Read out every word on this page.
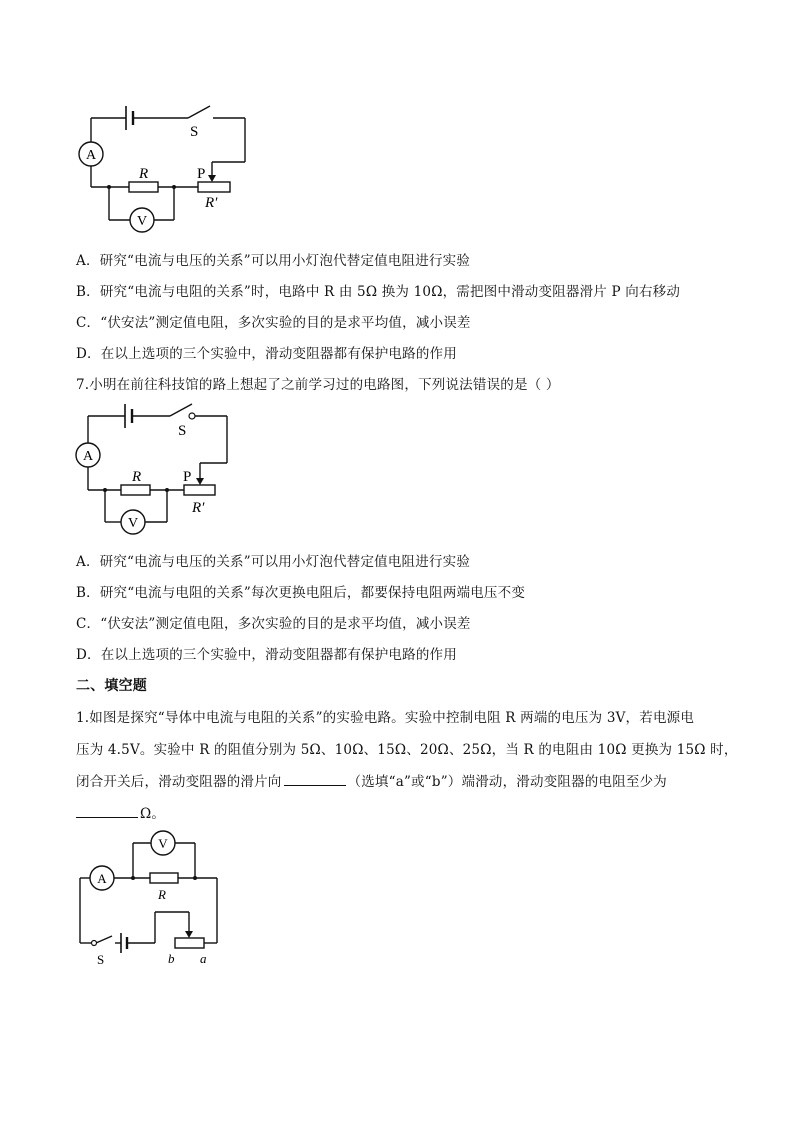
A
V
S
R	P
R′
A．研究“电流与电压的关系”可以用小灯泡代替定值电阻进行实验
B．研究“电流与电阻的关系”时，电路中 R 由 5Ω 换为 10Ω，需把图中滑动变阻器滑片 P 向右移动
C．“伏安法”测定值电阻，多次实验的目的是求平均值，减小误差
D．在以上选项的三个实验中，滑动变阻器都有保护电路的作用
7.小明在前往科技馆的路上想起了之前学习过的电路图，下列说法错误的是（ ）
A
V
S
R	P
R′
A．研究“电流与电压的关系”可以用小灯泡代替定值电阻进行实验
B．研究“电流与电阻的关系”每次更换电阻后，都要保持电阻两端电压不变
C．“伏安法”测定值电阻，多次实验的目的是求平均值，减小误差
D．在以上选项的三个实验中，滑动变阻器都有保护电路的作用
二、填空题
1.如图是探究“导体中电流与电阻的关系”的实验电路。实验中控制电阻 R 两端的电压为 3V，若电源电
压为 4.5V。实验中 R 的阻值分别为 5Ω、10Ω、15Ω、20Ω、25Ω，当 R 的电阻由 10Ω 更换为 15Ω 时，
闭合开关后，滑动变阻器的滑片向	（选填“a”或“b”）端滑动，滑动变阻器的电阻至少为
Ω。
A
V
R
S	b a
